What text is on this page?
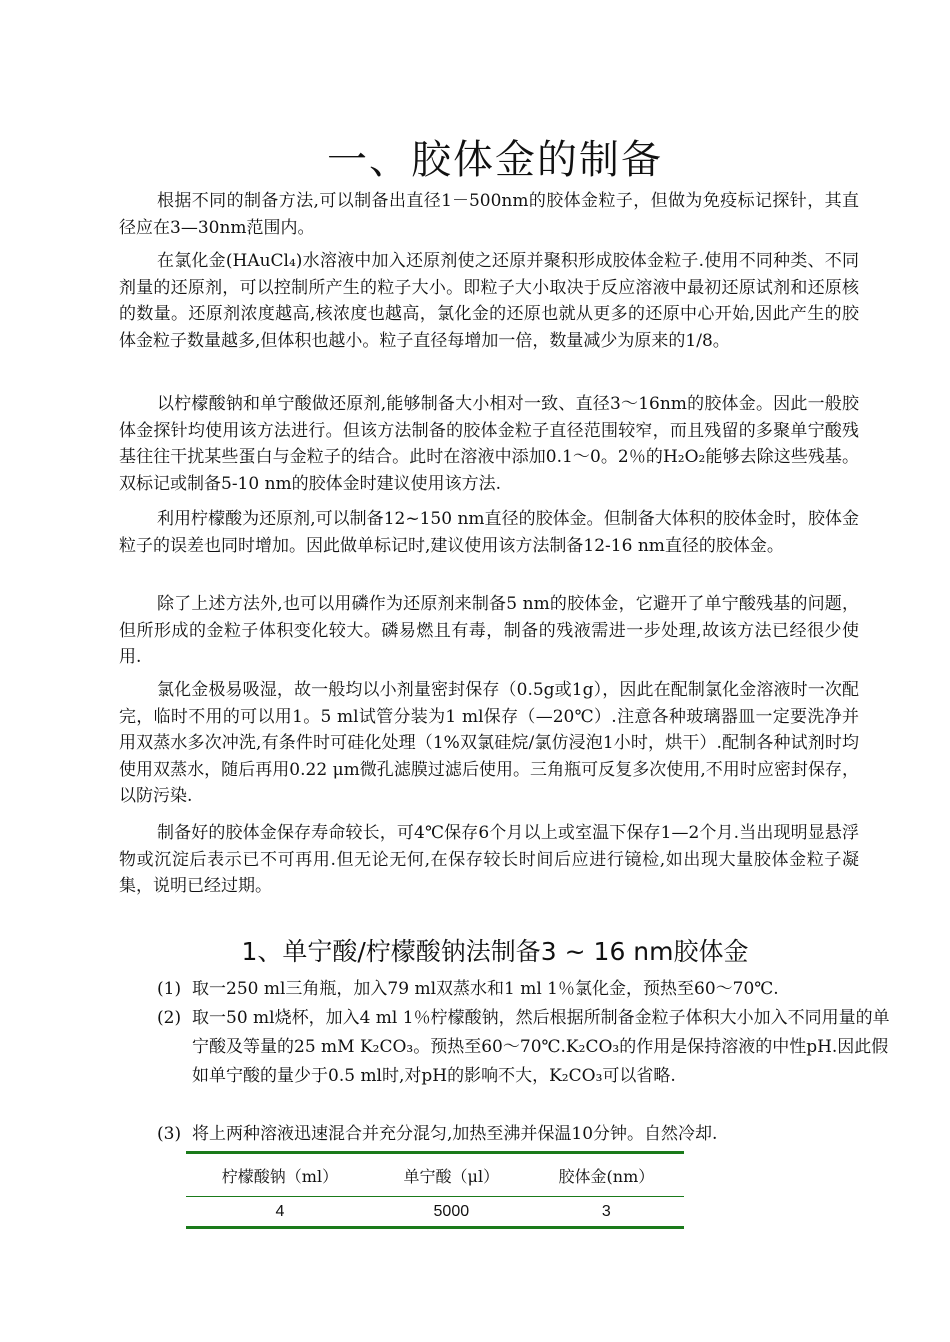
一、胶体金的制备

根据不同的制备方法,可以制备出直径1－500nm的胶体金粒子，但做为免疫标记探针，其直径应在3—30nm范围内。

在氯化金(HAuCl₄)水溶液中加入还原剂使之还原并聚积形成胶体金粒子.使用不同种类、不同剂量的还原剂，可以控制所产生的粒子大小。即粒子大小取决于反应溶液中最初还原试剂和还原核的数量。还原剂浓度越高,核浓度也越高，氯化金的还原也就从更多的还原中心开始,因此产生的胶体金粒子数量越多,但体积也越小。粒子直径每增加一倍，数量减少为原来的1/8。

以柠檬酸钠和单宁酸做还原剂,能够制备大小相对一致、直径3～16nm的胶体金。因此一般胶体金探针均使用该方法进行。但该方法制备的胶体金粒子直径范围较窄，而且残留的多聚单宁酸残基往往干扰某些蛋白与金粒子的结合。此时在溶液中添加0.1～0。2％的H₂O₂能够去除这些残基。双标记或制备5-10 nm的胶体金时建议使用该方法.

利用柠檬酸为还原剂,可以制备12~150 nm直径的胶体金。但制备大体积的胶体金时，胶体金粒子的误差也同时增加。因此做单标记时,建议使用该方法制备12-16 nm直径的胶体金。

除了上述方法外,也可以用磷作为还原剂来制备5 nm的胶体金，它避开了单宁酸残基的问题，但所形成的金粒子体积变化较大。磷易燃且有毒，制备的残液需进一步处理,故该方法已经很少使用.

氯化金极易吸湿，故一般均以小剂量密封保存（0.5g或1g），因此在配制氯化金溶液时一次配完，临时不用的可以用1。5 ml试管分装为1 ml保存（—20℃）.注意各种玻璃器皿一定要洗净并用双蒸水多次冲洗,有条件时可硅化处理（1%双氯硅烷/氯仿浸泡1小时，烘干）.配制各种试剂时均使用双蒸水，随后再用0.22 μm微孔滤膜过滤后使用。三角瓶可反复多次使用,不用时应密封保存，以防污染.

制备好的胶体金保存寿命较长，可4℃保存6个月以上或室温下保存1—2个月.当出现明显悬浮物或沉淀后表示已不可再用.但无论无何,在保存较长时间后应进行镜检,如出现大量胶体金粒子凝集，说明已经过期。

1、单宁酸/柠檬酸钠法制备3 ~ 16 nm胶体金

(1) 取一250 ml三角瓶，加入79 ml双蒸水和1 ml 1％氯化金，预热至60～70℃.

(2) 取一50 ml烧杯，加入4 ml 1％柠檬酸钠，然后根据所制备金粒子体积大小加入不同用量的单宁酸及等量的25 mM K₂CO₃。预热至60～70℃.K₂CO₃的作用是保持溶液的中性pH.因此假如单宁酸的量少于0.5 ml时,对pH的影响不大，K₂CO₃可以省略.

(3) 将上两种溶液迅速混合并充分混匀,加热至沸并保温10分钟。自然冷却.

柠檬酸钠（ml）	单宁酸（μl）	胶体金(nm）
4	5000	3
